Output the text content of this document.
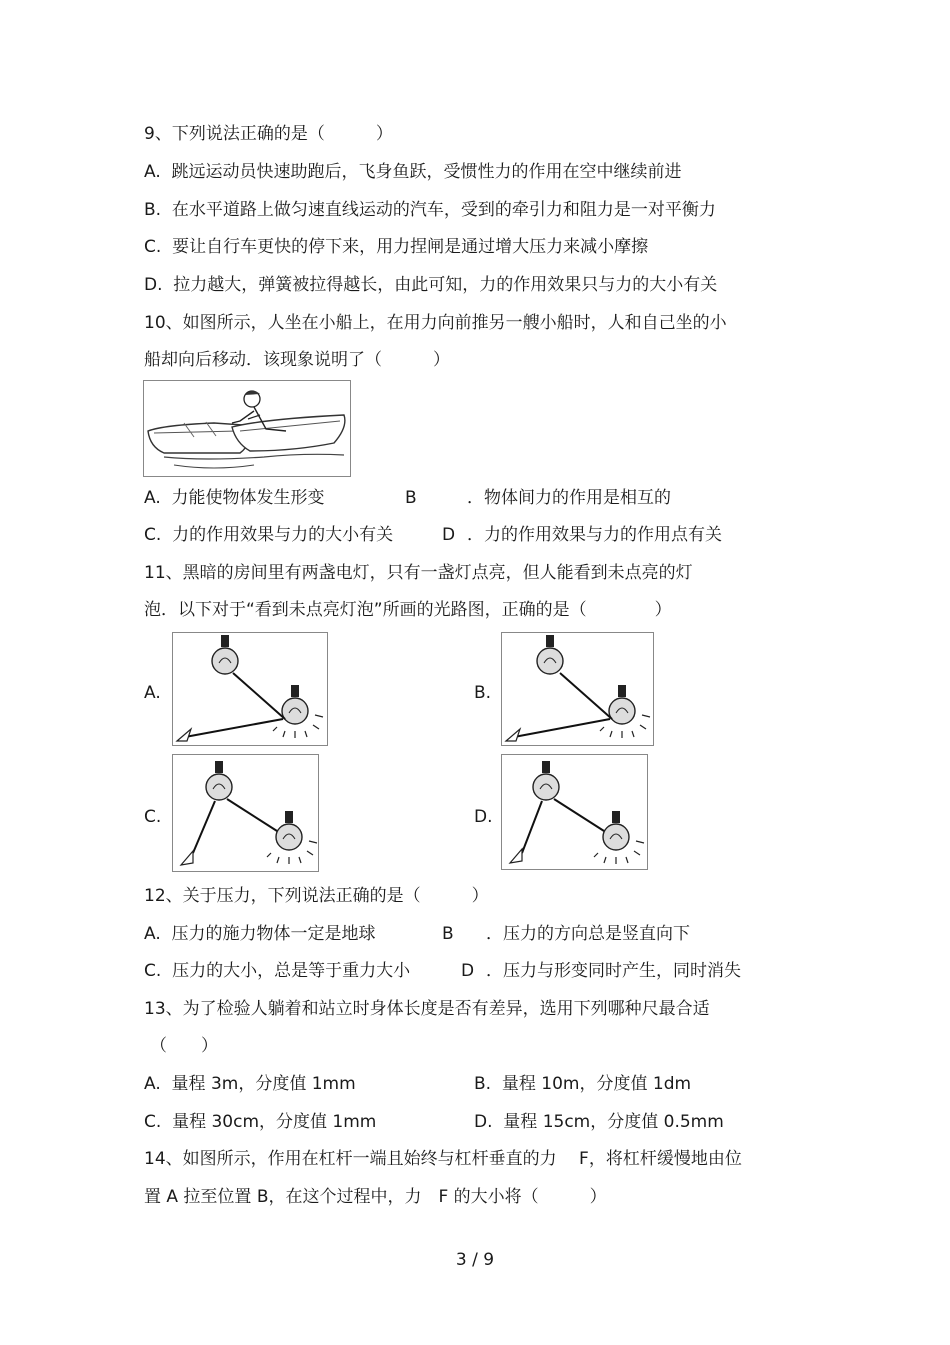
9、下列说法正确的是（　　　）
A.  跳远运动员快速助跑后，飞身鱼跃，受惯性力的作用在空中继续前进
B.  在水平道路上做匀速直线运动的汽车，受到的牵引力和阻力是一对平衡力
C.  要让自行车更快的停下来，用力捏闸是通过增大压力来减小摩擦
D.  拉力越大，弹簧被拉得越长，由此可知，力的作用效果只与力的大小有关
10、如图所示，人坐在小船上，在用力向前推另一艘小船时，人和自己坐的小
船却向后移动．该现象说明了（　　　）
A.  力能使物体发生形变	B	．物体间力的作用是相互的
C.  力的作用效果与力的大小有关	D ．力的作用效果与力的作用点有关
11、黑暗的房间里有两盏电灯，只有一盏灯点亮，但人能看到未点亮的灯
泡．以下对于“看到未点亮灯泡”所画的光路图，正确的是（　　　　）
A.	B.
C.	D.
12、关于压力，下列说法正确的是（　　　）
A.  压力的施力物体一定是地球	B ．压力的方向总是竖直向下
C.  压力的大小，总是等于重力大小	D ．压力与形变同时产生，同时消失
13、为了检验人躺着和站立时身体长度是否有差异，选用下列哪种尺最合适
（　　）
A.  量程 3m，分度值 1mm	B.  量程 10m，分度值 1dm
C.  量程 30cm，分度值 1mm	D.  量程 15cm，分度值 0.5mm
14、如图所示，作用在杠杆一端且始终与杠杆垂直的力　 F，将杠杆缓慢地由位
置 A 拉至位置 B，在这个过程中，力　F 的大小将（　　　）
3 / 9
